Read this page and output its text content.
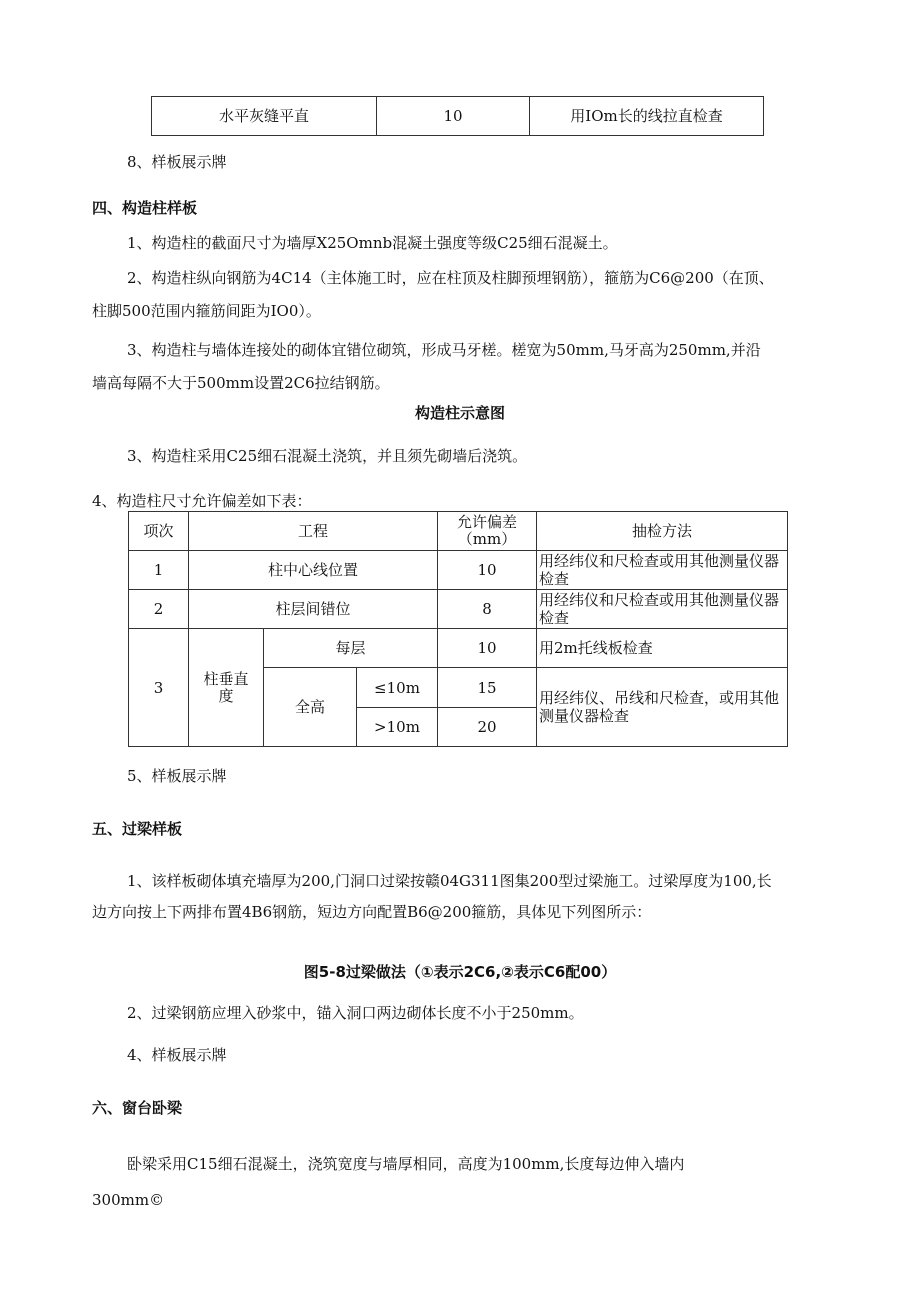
水平灰缝平直	10	用IOm长的线拉直检查
8、样板展示牌
四、构造柱样板
1、构造柱的截面尺寸为墙厚X25Omnb混凝土强度等级C25细石混凝土。
2、构造柱纵向钢筋为4C14（主体施工时，应在柱顶及柱脚预埋钢筋），箍筋为C6@200（在顶、
柱脚500范围内箍筋间距为IO0）。
3、构造柱与墙体连接处的砌体宜错位砌筑，形成马牙槎。槎宽为50mm,马牙高为250mm,并沿
墙高每隔不大于500mm设置2C6拉结钢筋。
构造柱示意图
3、构造柱采用C25细石混凝土浇筑，并且须先砌墙后浇筑。
4、构造柱尺寸允许偏差如下表：
项次	工程			允许偏差（mm）	抽检方法
1	柱中心线位置			10	用经纬仪和尺检查或用其他测量仪器检查
2	柱层间错位			8	用经纬仪和尺检查或用其他测量仪器检查
3	柱垂直度	每层		10	用2m托线板检查
		全高	≤10m	15	用经纬仪、吊线和尺检查，或用其他测量仪器检查
			>10m	20	
5、样板展示牌
五、过梁样板
1、该样板砌体填充墙厚为200,门洞口过梁按赣04G311图集200型过梁施工。过梁厚度为100,长
边方向按上下两排布置4B6钢筋，短边方向配置B6@200箍筋，具体见下列图所示：
图5-8过梁做法（①表示2C6,②表示C6配00）
2、过梁钢筋应埋入砂浆中，锚入洞口两边砌体长度不小于250mm。
4、样板展示牌
六、窗台卧梁
卧梁采用C15细石混凝土，浇筑宽度与墙厚相同，高度为100mm,长度每边伸入墙内
300mm©
